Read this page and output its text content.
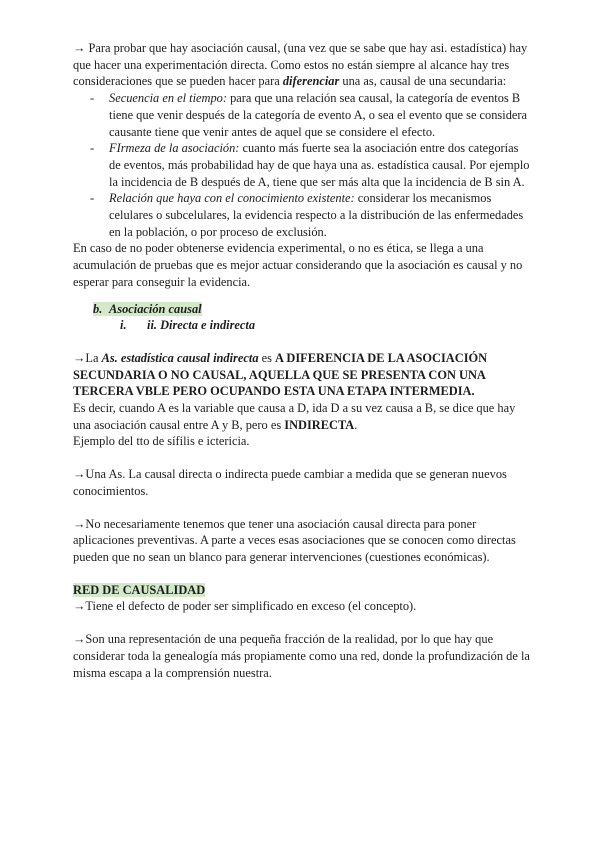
→ Para probar que hay asociación causal, (una vez que se sabe que hay asi. estadística) hay que hacer una experimentación directa. Como estos no están siempre al alcance hay tres consideraciones que se pueden hacer para diferenciar una as, causal de una secundaria:

- Secuencia en el tiempo: para que una relación sea causal, la categoría de eventos B tiene que venir después de la categoría de evento A, o sea el evento que se considera causante tiene que venir antes de aquel que se considere el efecto.
- FIrmeza de la asociación: cuanto más fuerte sea la asociación entre dos categorías de eventos, más probabilidad hay de que haya una as. estadística causal. Por ejemplo la incidencia de B después de A, tiene que ser más alta que la incidencia de B sin A.
- Relación que haya con el conocimiento existente: considerar los mecanismos celulares o subcelulares, la evidencia respecto a la distribución de las enfermedades en la población, o por proceso de exclusión.

En caso de no poder obtenerse evidencia experimental, o no es ética, se llega a una acumulación de pruebas que es mejor actuar considerando que la asociación es causal y no esperar para conseguir la evidencia.

b. Asociación causal

i. ii. Directa e indirecta

→La As. estadística causal indirecta es A DIFERENCIA DE LA ASOCIACIÓN SECUNDARIA O NO CAUSAL, AQUELLA QUE SE PRESENTA CON UNA TERCERA VBLE PERO OCUPANDO ESTA UNA ETAPA INTERMEDIA.

Es decir, cuando A es la variable que causa a D, ida D a su vez causa a B, se dice que hay una asociación causal entre A y B, pero es INDIRECTA.

Ejemplo del tto de sífilis e ictericia.

→Una As. La causal directa o indirecta puede cambiar a medida que se generan nuevos conocimientos.

→No necesariamente tenemos que tener una asociación causal directa para poner aplicaciones preventivas. A parte a veces esas asociaciones que se conocen como directas pueden que no sean un blanco para generar intervenciones (cuestiones económicas).

RED DE CAUSALIDAD

→Tiene el defecto de poder ser simplificado en exceso (el concepto).

→Son una representación de una pequeña fracción de la realidad, por lo que hay que considerar toda la genealogía más propiamente como una red, donde la profundización de la misma escapa a la comprensión nuestra.
